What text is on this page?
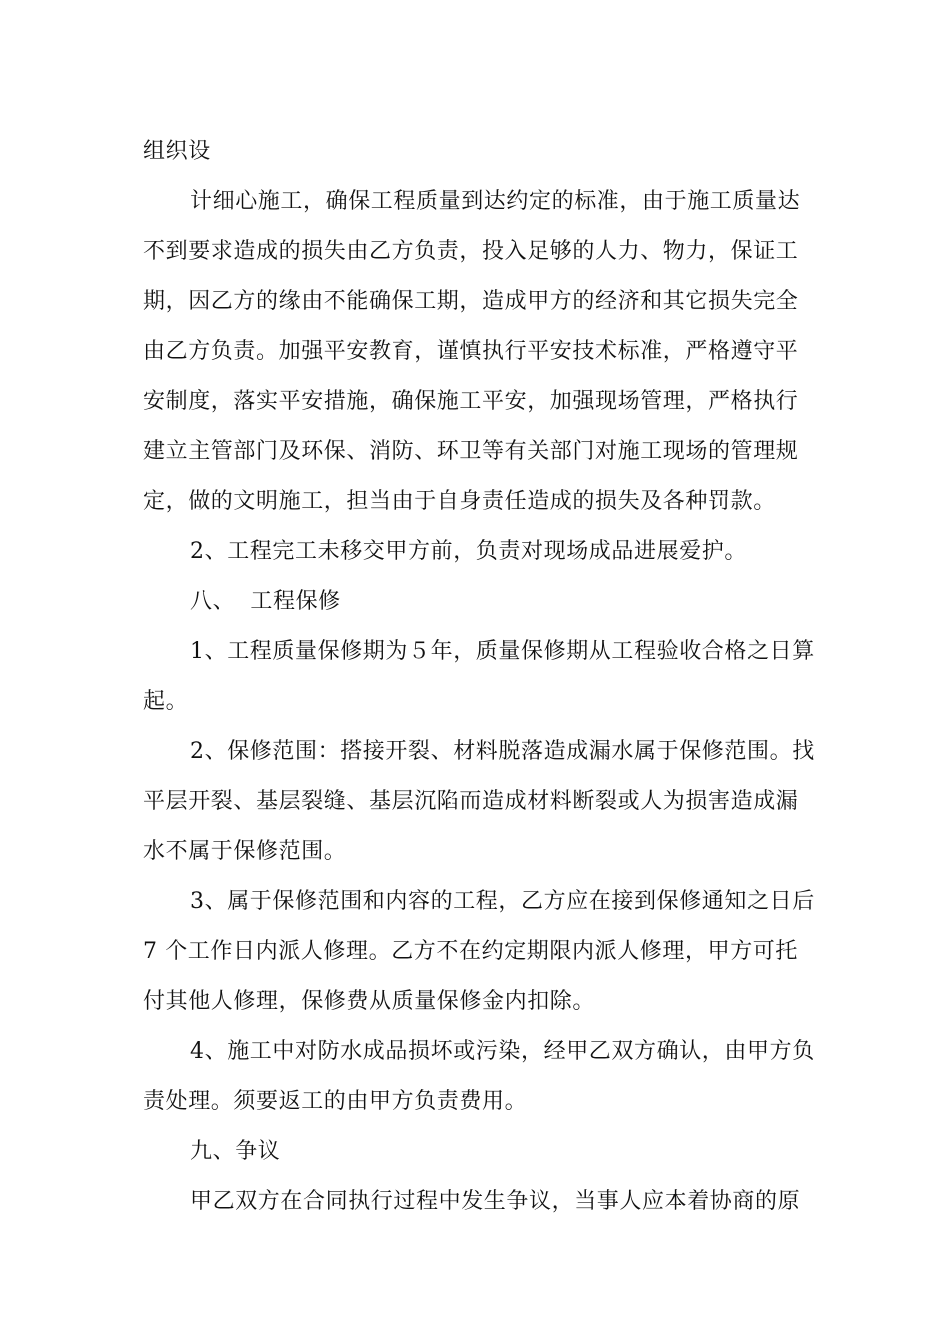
组织设
计细心施工，确保工程质量到达约定的标准，由于施工质量达
不到要求造成的损失由乙方负责，投入足够的人力、物力，保证工
期，因乙方的缘由不能确保工期，造成甲方的经济和其它损失完全
由乙方负责。加强平安教育，谨慎执行平安技术标准，严格遵守平
安制度，落实平安措施，确保施工平安，加强现场管理，严格执行
建立主管部门及环保、消防、环卫等有关部门对施工现场的管理规
定，做的文明施工，担当由于自身责任造成的损失及各种罚款。
2、工程完工未移交甲方前，负责对现场成品进展爱护。
八、  工程保修
1、工程质量保修期为５年，质量保修期从工程验收合格之日算
起。
2、保修范围：搭接开裂、材料脱落造成漏水属于保修范围。找
平层开裂、基层裂缝、基层沉陷而造成材料断裂或人为损害造成漏
水不属于保修范围。
3、属于保修范围和内容的工程，乙方应在接到保修通知之日后
7 个工作日内派人修理。乙方不在约定期限内派人修理，甲方可托
付其他人修理，保修费从质量保修金内扣除。
4、施工中对防水成品损坏或污染，经甲乙双方确认，由甲方负
责处理。须要返工的由甲方负责费用。
九、争议
甲乙双方在合同执行过程中发生争议，当事人应本着协商的原
